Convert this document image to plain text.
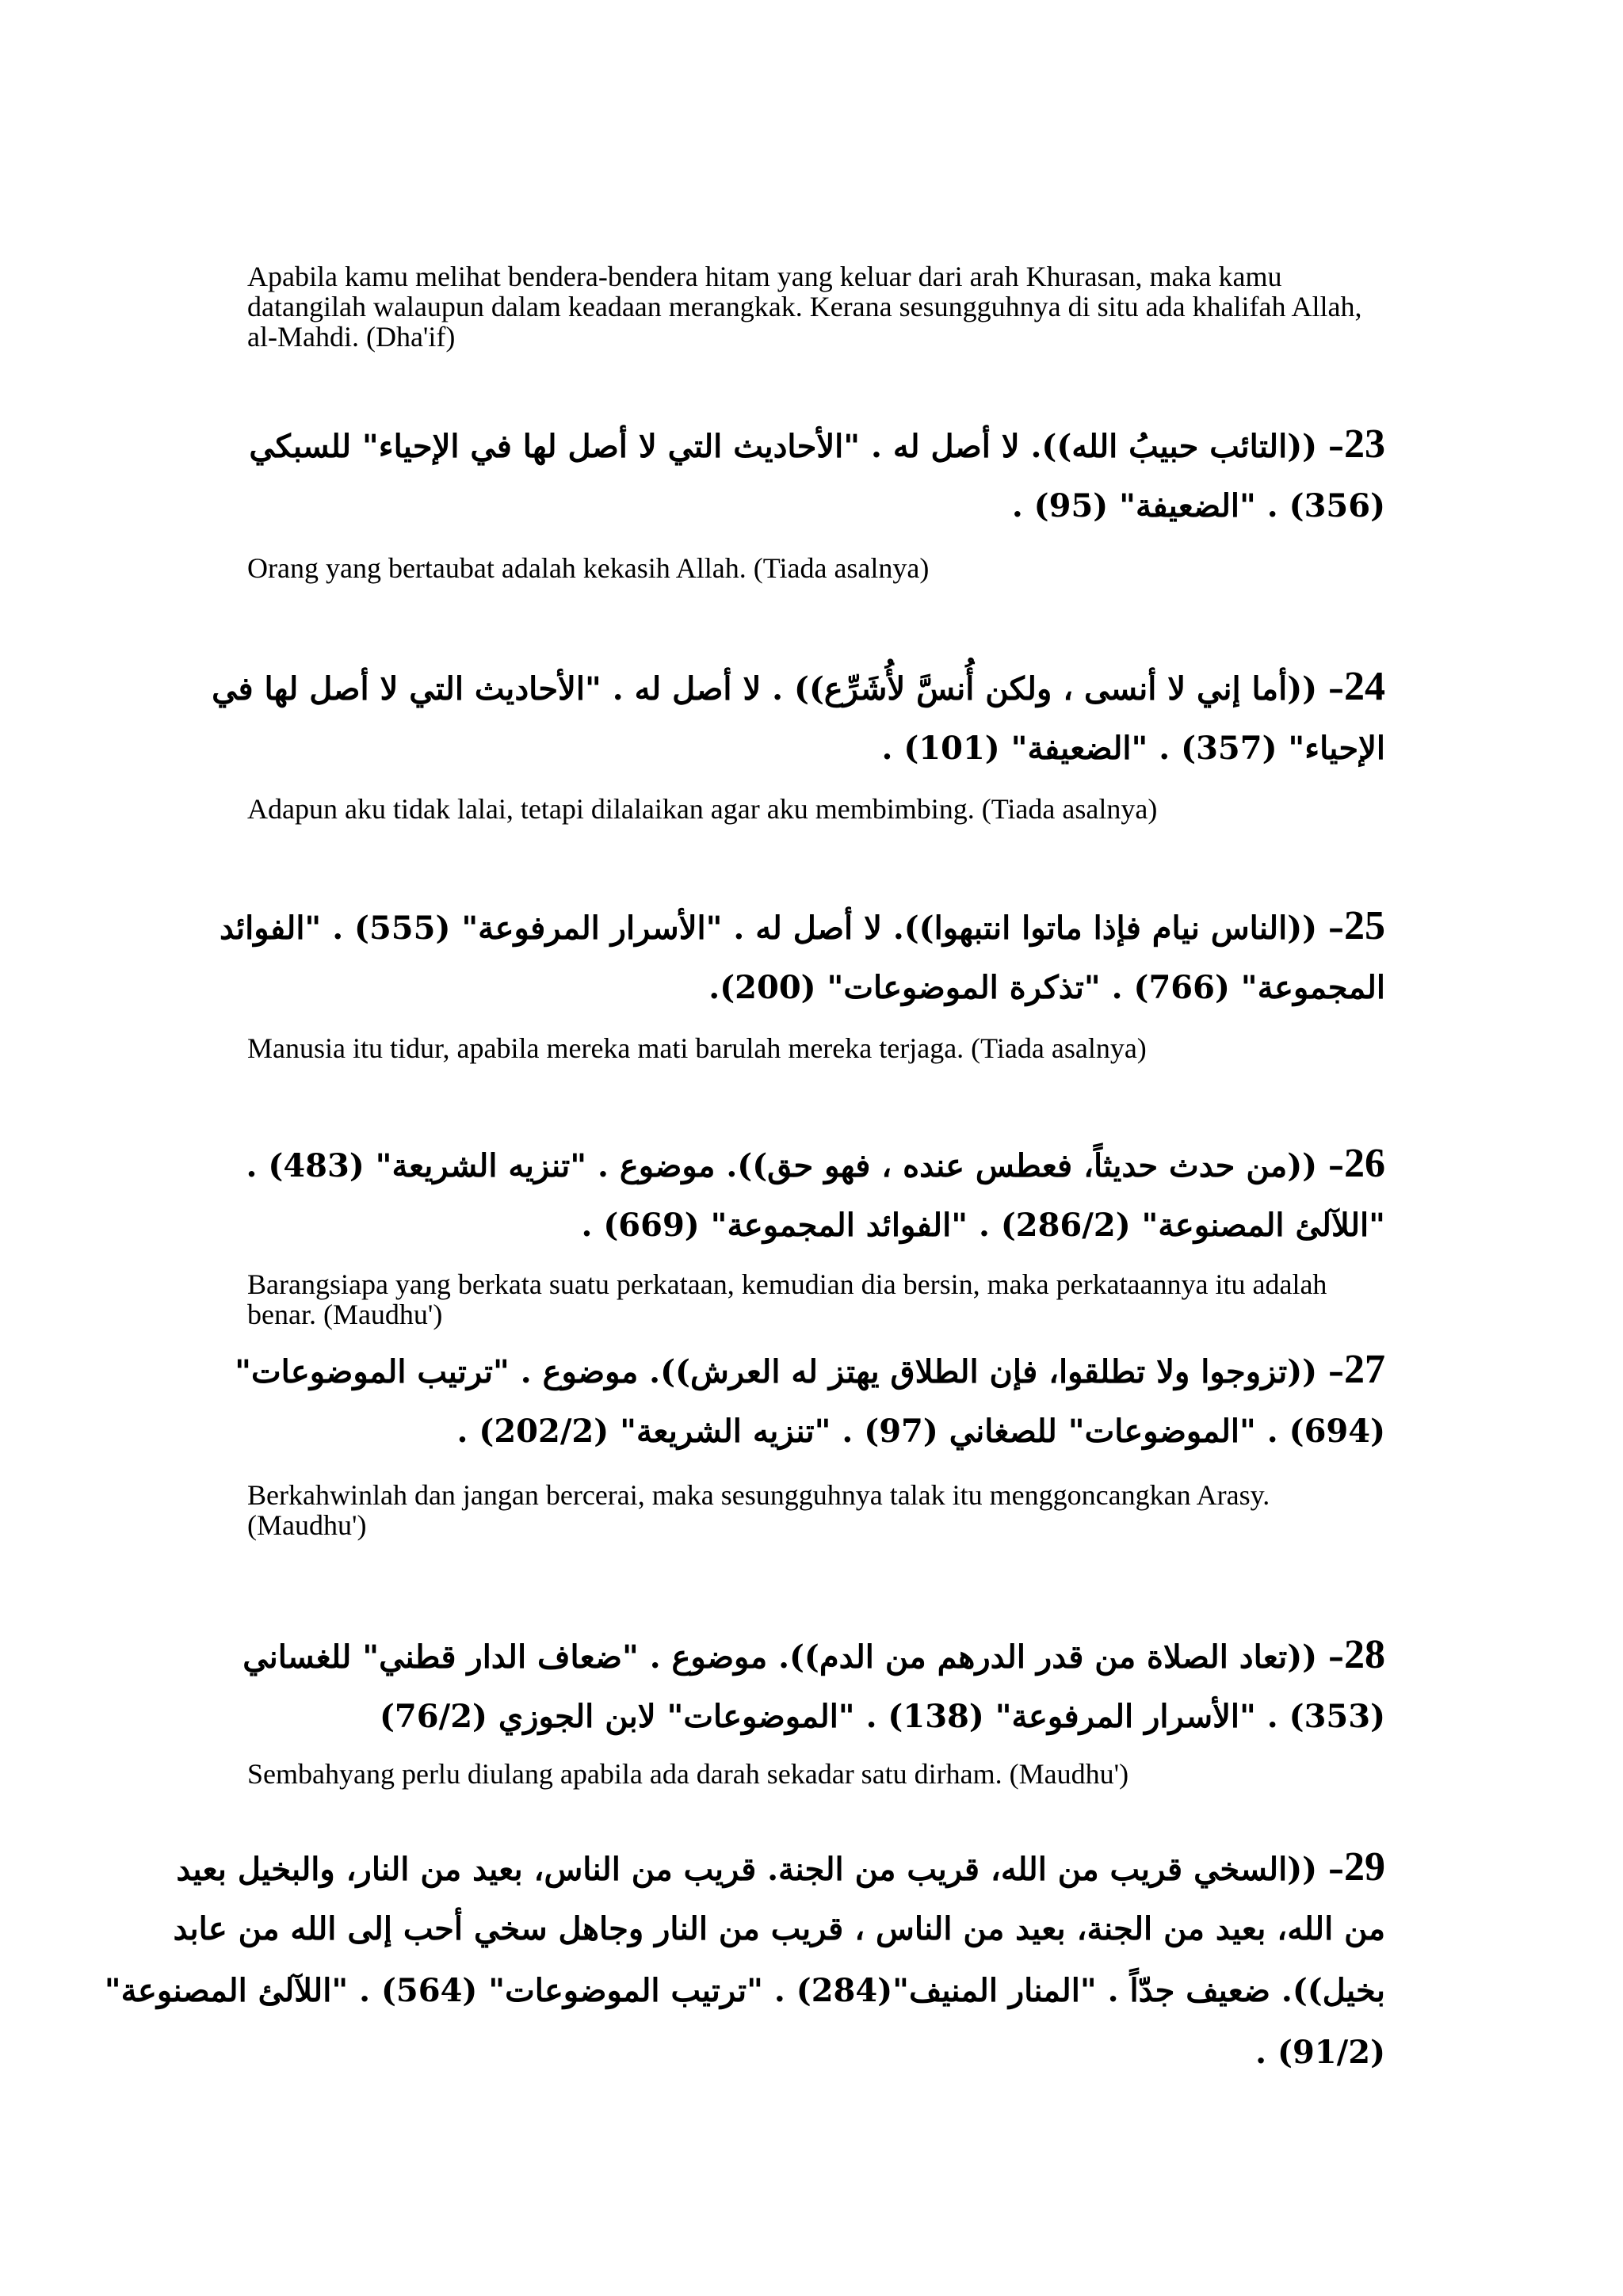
Apabila kamu melihat bendera-bendera hitam yang keluar dari arah Khurasan, maka kamu datangilah walaupun dalam keadaan merangkak. Kerana sesungguhnya di situ ada khalifah Allah, al-Mahdi. (Dha'if)

23– ((التائب حبيبُ الله)). لا أصل له . "الأحاديث التي لا أصل لها في الإحياء" للسبكي
(356) . "الضعيفة" (95) .

Orang yang bertaubat adalah kekasih Allah. (Tiada asalnya)

24– ((أما إني لا أنسى ، ولكن أُنسَّ لأُشَرِّع)) . لا أصل له . "الأحاديث التي لا أصل لها في
الإحياء" (357) . "الضعيفة" (101) .

Adapun aku tidak lalai, tetapi dilalaikan agar aku membimbing. (Tiada asalnya)

25– ((الناس نيام فإذا ماتوا انتبهوا)). لا أصل له . "الأسرار المرفوعة" (555) . "الفوائد
المجموعة" (766) . "تذكرة الموضوعات" (200).

Manusia itu tidur, apabila mereka mati barulah mereka terjaga. (Tiada asalnya)

26– ((من حدث حديثاً، فعطس عنده ، فهو حق)). موضوع . "تنزيه الشريعة" (483) .
"اللآلئ المصنوعة" (286/2) . "الفوائد المجموعة" (669) .

Barangsiapa yang berkata suatu perkataan, kemudian dia bersin, maka perkataannya itu adalah benar. (Maudhu')

27– ((تزوجوا ولا تطلقوا، فإن الطلاق يهتز له العرش)). موضوع . "ترتيب الموضوعات"
(694) . "الموضوعات" للصغاني (97) . "تنزيه الشريعة" (202/2) .

Berkahwinlah dan jangan bercerai, maka sesungguhnya talak itu menggoncangkan Arasy. (Maudhu')

28– ((تعاد الصلاة من قدر الدرهم من الدم)). موضوع . "ضعاف الدار قطني" للغساني
(353) . "الأسرار المرفوعة" (138) . "الموضوعات" لابن الجوزي (76/2)

Sembahyang perlu diulang apabila ada darah sekadar satu dirham. (Maudhu')

29– ((السخي قريب من الله، قريب من الجنة. قريب من الناس، بعيد من النار، والبخيل بعيد
من الله، بعيد من الجنة، بعيد من الناس ، قريب من النار وجاهل سخي أحب إلى الله من عابد
بخيل)). ضعيف جدّاً . "المنار المنيف"(284) . "ترتيب الموضوعات" (564) . "اللآلئ المصنوعة"
(91/2) .
